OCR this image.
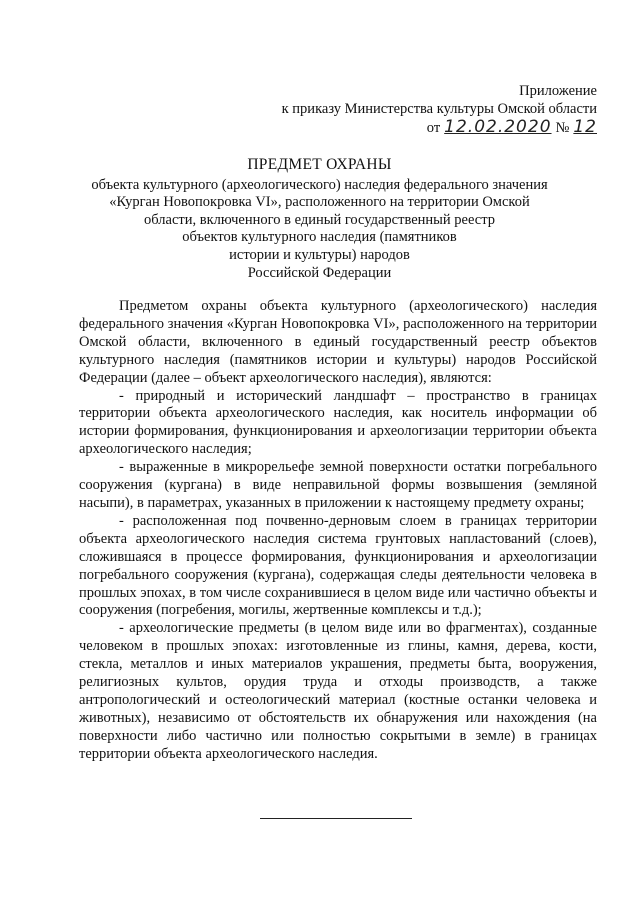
Приложение
к приказу Министерства культуры Омской области
от 12.02.2020 № 12
ПРЕДМЕТ ОХРАНЫ
объекта культурного (археологического) наследия федерального значения
«Курган Новопокровка VI», расположенного на территории Омской
области, включенного в единый государственный реестр
объектов культурного наследия (памятников
истории и культуры) народов
Российской Федерации

Предметом охраны объекта культурного (археологического) наследия федерального значения «Курган Новопокровка VI», расположенного на территории Омской области, включенного в единый государственный реестр объектов культурного наследия (памятников истории и культуры) народов Российской Федерации (далее – объект археологического наследия), являются:

- природный и исторический ландшафт – пространство в границах территории объекта археологического наследия, как носитель информации об истории формирования, функционирования и археологизации территории объекта археологического наследия;

- выраженные в микрорельефе земной поверхности остатки погребального сооружения (кургана) в виде неправильной формы возвышения (земляной насыпи), в параметрах, указанных в приложении к настоящему предмету охраны;

- расположенная под почвенно-дерновым слоем в границах территории объекта археологического наследия система грунтовых напластований (слоев), сложившаяся в процессе формирования, функционирования и археологизации погребального сооружения (кургана), содержащая следы деятельности человека в прошлых эпохах, в том числе сохранившиеся в целом виде или частично объекты и сооружения (погребения, могилы, жертвенные комплексы и т.д.);

- археологические предметы (в целом виде или во фрагментах), созданные человеком в прошлых эпохах: изготовленные из глины, камня, дерева, кости, стекла, металлов и иных материалов украшения, предметы быта, вооружения, религиозных культов, орудия труда и отходы производств, а также антропологический и остеологический материал (костные останки человека и животных), независимо от обстоятельств их обнаружения или нахождения (на поверхности либо частично или полностью сокрытыми в земле) в границах территории объекта археологического наследия.
